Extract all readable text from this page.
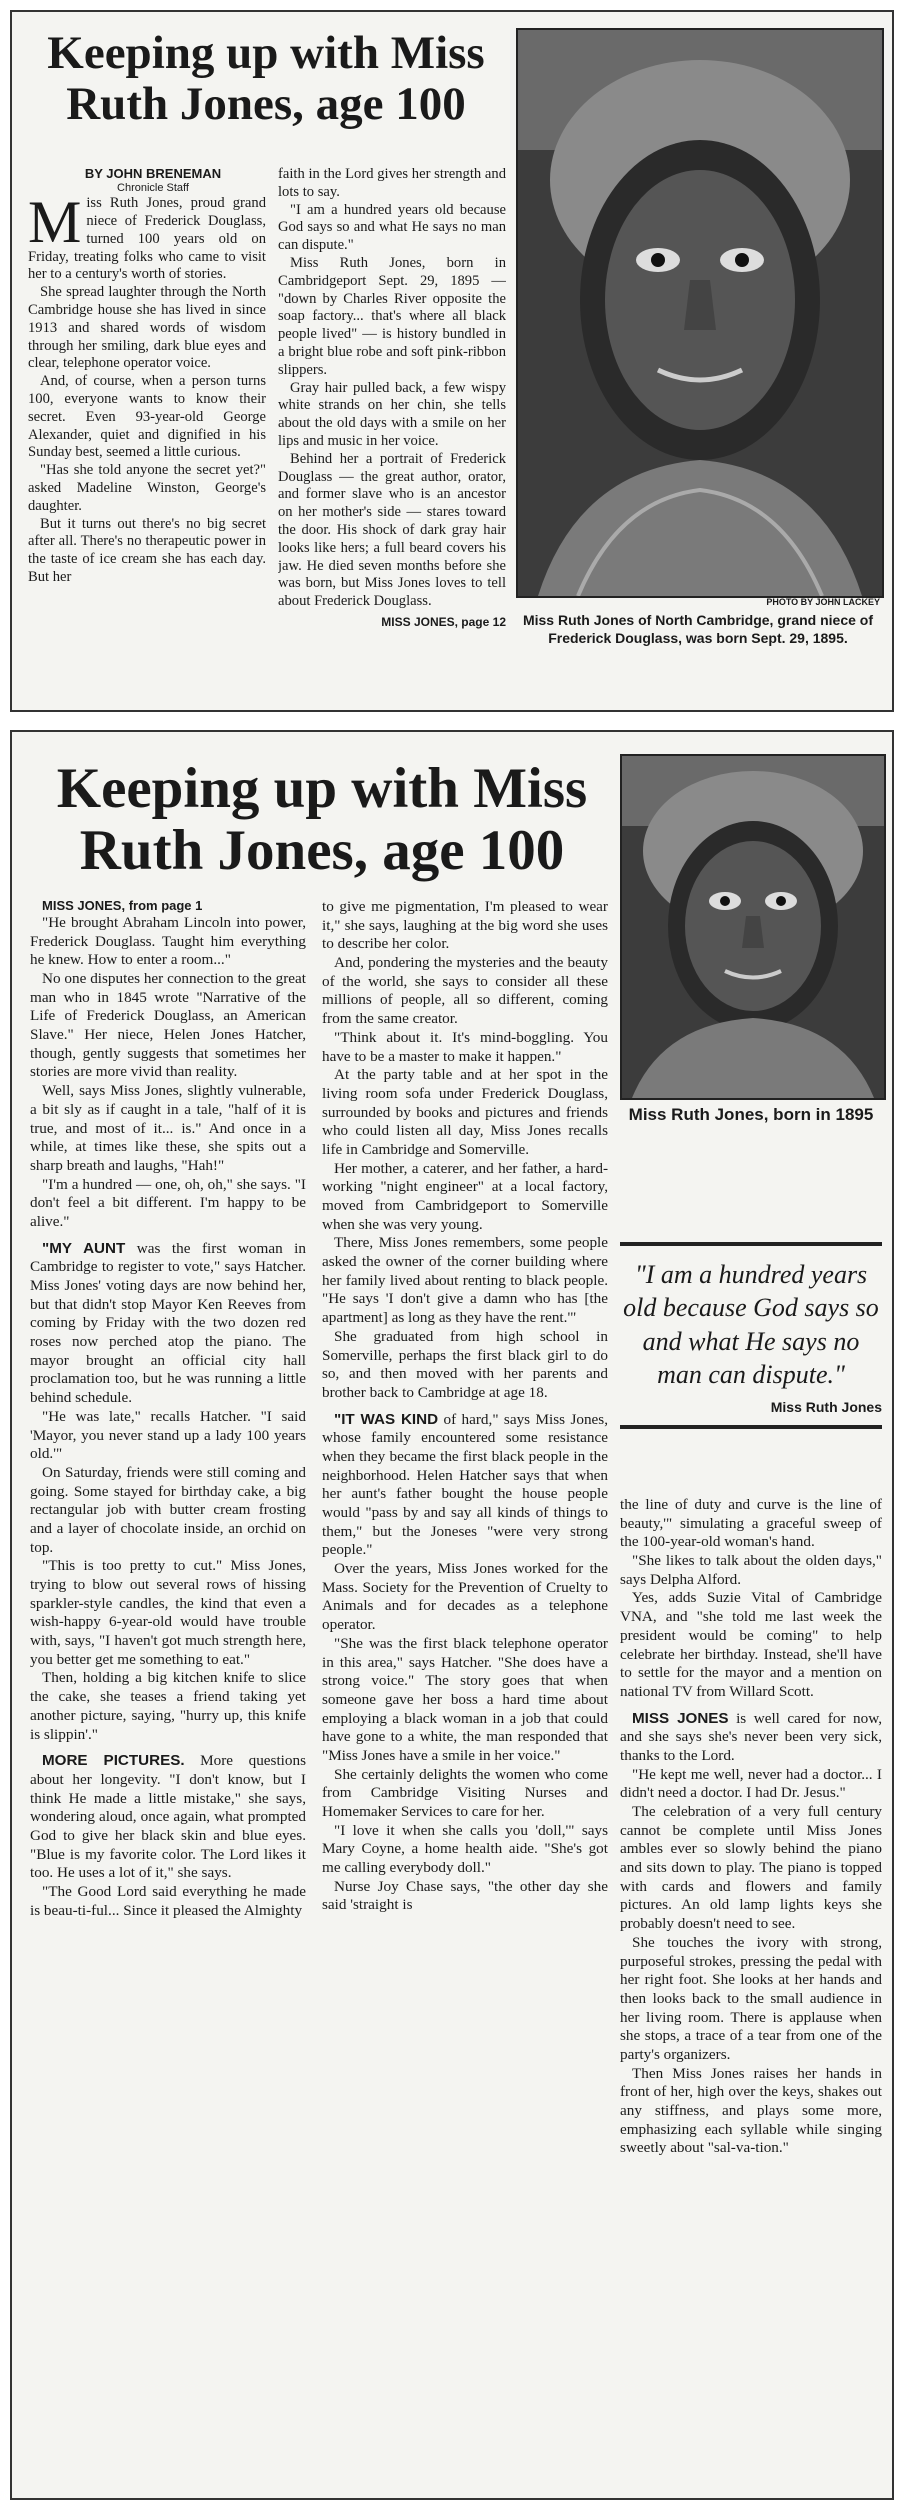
Keeping up with Miss Ruth Jones, age 100

BY JOHN BRENEMAN

Chronicle Staff

Miss Ruth Jones, proud grand niece of Frederick Douglass, turned 100 years old on Friday, treating folks who came to visit her to a century's worth of stories.

She spread laughter through the North Cambridge house she has lived in since 1913 and shared words of wisdom through her smiling, dark blue eyes and clear, telephone operator voice.

And, of course, when a person turns 100, everyone wants to know their secret. Even 93-year-old George Alexander, quiet and dignified in his Sunday best, seemed a little curious.

"Has she told anyone the secret yet?" asked Madeline Winston, George's daughter.

But it turns out there's no big secret after all. There's no therapeutic power in the taste of ice cream she has each day. But her

faith in the Lord gives her strength and lots to say.

"I am a hundred years old because God says so and what He says no man can dispute."

Miss Ruth Jones, born in Cambridgeport Sept. 29, 1895 — "down by Charles River opposite the soap factory... that's where all black people lived" — is history bundled in a bright blue robe and soft pink-ribbon slippers.

Gray hair pulled back, a few wispy white strands on her chin, she tells about the old days with a smile on her lips and music in her voice.

Behind her a portrait of Frederick Douglass — the great author, orator, and former slave who is an ancestor on her mother's side — stares toward the door. His shock of dark gray hair looks like hers; a full beard covers his jaw. He died seven months before she was born, but Miss Jones loves to tell about Frederick Douglass.

MISS JONES, page 12
PHOTO BY JOHN LACKEY
Miss Ruth Jones of North Cambridge, grand niece of Frederick Douglass, was born Sept. 29, 1895.
Keeping up with Miss Ruth Jones, age 100
Miss Ruth Jones, born in 1895

"I am a hundred years old because God says so and what He says no man can dispute."

Miss Ruth Jones

MISS JONES, from page 1

"He brought Abraham Lincoln into power, Frederick Douglass. Taught him everything he knew. How to enter a room..."

No one disputes her connection to the great man who in 1845 wrote "Narrative of the Life of Frederick Douglass, an American Slave." Her niece, Helen Jones Hatcher, though, gently suggests that sometimes her stories are more vivid than reality.

Well, says Miss Jones, slightly vulnerable, a bit sly as if caught in a tale, "half of it is true, and most of it... is." And once in a while, at times like these, she spits out a sharp breath and laughs, "Hah!"

"I'm a hundred — one, oh, oh," she says. "I don't feel a bit different. I'm happy to be alive."

"MY AUNT was the first woman in Cambridge to register to vote," says Hatcher. Miss Jones' voting days are now behind her, but that didn't stop Mayor Ken Reeves from coming by Friday with the two dozen red roses now perched atop the piano. The mayor brought an official city hall proclamation too, but he was running a little behind schedule.

"He was late," recalls Hatcher. "I said 'Mayor, you never stand up a lady 100 years old.'"

On Saturday, friends were still coming and going. Some stayed for birthday cake, a big rectangular job with butter cream frosting and a layer of chocolate inside, an orchid on top.

"This is too pretty to cut." Miss Jones, trying to blow out several rows of hissing sparkler-style candles, the kind that even a wish-happy 6-year-old would have trouble with, says, "I haven't got much strength here, you better get me something to eat."

Then, holding a big kitchen knife to slice the cake, she teases a friend taking yet another picture, saying, "hurry up, this knife is slippin'."

MORE PICTURES. More questions about her longevity. "I don't know, but I think He made a little mistake," she says, wondering aloud, once again, what prompted God to give her black skin and blue eyes. "Blue is my favorite color. The Lord likes it too. He uses a lot of it," she says.

"The Good Lord said everything he made is beau-ti-ful... Since it pleased the Almighty

to give me pigmentation, I'm pleased to wear it," she says, laughing at the big word she uses to describe her color.

And, pondering the mysteries and the beauty of the world, she says to consider all these millions of people, all so different, coming from the same creator.

"Think about it. It's mind-boggling. You have to be a master to make it happen."

At the party table and at her spot in the living room sofa under Frederick Douglass, surrounded by books and pictures and friends who could listen all day, Miss Jones recalls life in Cambridge and Somerville.

Her mother, a caterer, and her father, a hard-working "night engineer" at a local factory, moved from Cambridgeport to Somerville when she was very young.

There, Miss Jones remembers, some people asked the owner of the corner building where her family lived about renting to black people. "He says 'I don't give a damn who has [the apartment] as long as they have the rent.'"

She graduated from high school in Somerville, perhaps the first black girl to do so, and then moved with her parents and brother back to Cambridge at age 18.

"IT WAS KIND of hard," says Miss Jones, whose family encountered some resistance when they became the first black people in the neighborhood. Helen Hatcher says that when her aunt's father bought the house people would "pass by and say all kinds of things to them," but the Joneses "were very strong people."

Over the years, Miss Jones worked for the Mass. Society for the Prevention of Cruelty to Animals and for decades as a telephone operator.

"She was the first black telephone operator in this area," says Hatcher. "She does have a strong voice." The story goes that when someone gave her boss a hard time about employing a black woman in a job that could have gone to a white, the man responded that "Miss Jones have a smile in her voice."

She certainly delights the women who come from Cambridge Visiting Nurses and Homemaker Services to care for her.

"I love it when she calls you 'doll,'" says Mary Coyne, a home health aide. "She's got me calling everybody doll."

Nurse Joy Chase says, "the other day she said 'straight is

the line of duty and curve is the line of beauty,'" simulating a graceful sweep of the 100-year-old woman's hand.

"She likes to talk about the olden days," says Delpha Alford.

Yes, adds Suzie Vital of Cambridge VNA, and "she told me last week the president would be coming" to help celebrate her birthday. Instead, she'll have to settle for the mayor and a mention on national TV from Willard Scott.

MISS JONES is well cared for now, and she says she's never been very sick, thanks to the Lord.

"He kept me well, never had a doctor... I didn't need a doctor. I had Dr. Jesus."

The celebration of a very full century cannot be complete until Miss Jones ambles ever so slowly behind the piano and sits down to play. The piano is topped with cards and flowers and family pictures. An old lamp lights keys she probably doesn't need to see.

She touches the ivory with strong, purposeful strokes, pressing the pedal with her right foot. She looks at her hands and then looks back to the small audience in her living room. There is applause when she stops, a trace of a tear from one of the party's organizers.

Then Miss Jones raises her hands in front of her, high over the keys, shakes out any stiffness, and plays some more, emphasizing each syllable while singing sweetly about "sal-va-tion."
